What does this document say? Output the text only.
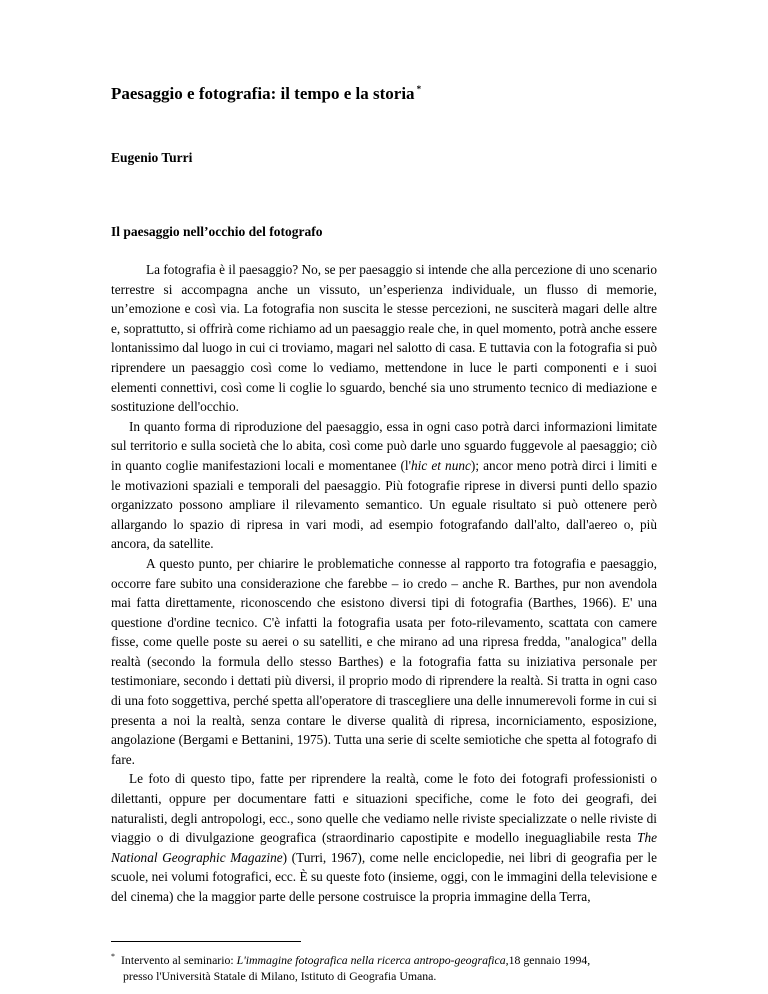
Paesaggio e fotografia: il tempo e la storia *
Eugenio Turri
Il paesaggio nell’occhio del fotografo

La fotografia è il paesaggio? No, se per paesaggio si intende che alla percezione di uno scenario terrestre si accompagna anche un vissuto, un’esperienza individuale, un flusso di memorie, un’emozione e così via. La fotografia non suscita le stesse percezioni, ne susciterà magari delle altre e, soprattutto, si offrirà come richiamo ad un paesaggio reale che, in quel momento, potrà anche essere lontanissimo dal luogo in cui ci troviamo, magari nel salotto di casa. E tuttavia con la fotografia si può riprendere un paesaggio così come lo vediamo, mettendone in luce le parti componenti e i suoi elementi connettivi, così come li coglie lo sguardo, benché sia uno strumento tecnico di mediazione e sostituzione dell'occhio.

In quanto forma di riproduzione del paesaggio, essa in ogni caso potrà darci informazioni limitate sul territorio e sulla società che lo abita, così come può darle uno sguardo fuggevole al paesaggio; ciò in quanto coglie manifestazioni locali e momentanee (l'hic et nunc); ancor meno potrà dirci i limiti e le motivazioni spaziali e temporali del paesaggio. Più fotografie riprese in diversi punti dello spazio organizzato possono ampliare il rilevamento semantico. Un eguale risultato si può ottenere però allargando lo spazio di ripresa in vari modi, ad esempio fotografando dall'alto, dall'aereo o, più ancora, da satellite.

A questo punto, per chiarire le problematiche connesse al rapporto tra fotografia e paesaggio, occorre fare subito una considerazione che farebbe – io credo – anche R. Barthes, pur non avendola mai fatta direttamente, riconoscendo che esistono diversi tipi di fotografia (Barthes, 1966). E' una questione d'ordine tecnico. C'è infatti la fotografia usata per foto-rilevamento, scattata con camere fisse, come quelle poste su aerei o su satelliti, e che mirano ad una ripresa fredda, "analogica" della realtà (secondo la formula dello stesso Barthes) e la fotografia fatta su iniziativa personale per testimoniare, secondo i dettati più diversi, il proprio modo di riprendere la realtà. Si tratta in ogni caso di una foto soggettiva, perché spetta all'operatore di trascegliere una delle innumerevoli forme in cui si presenta a noi la realtà, senza contare le diverse qualità di ripresa, incorniciamento, esposizione, angolazione (Bergami e Bettanini, 1975). Tutta una serie di scelte semiotiche che spetta al fotografo di fare.

Le foto di questo tipo, fatte per riprendere la realtà, come le foto dei fotografi professionisti o dilettanti, oppure per documentare fatti e situazioni specifiche, come le foto dei geografi, dei naturalisti, degli antropologi, ecc., sono quelle che vediamo nelle riviste specializzate o nelle riviste di viaggio o di divulgazione geografica (straordinario capostipite e modello ineguagliabile resta The National Geographic Magazine) (Turri, 1967), come nelle enciclopedie, nei libri di geografia per le scuole, nei volumi fotografici, ecc. È su queste foto (insieme, oggi, con le immagini della televisione e del cinema) che la maggior parte delle persone costruisce la propria immagine della Terra,

* Intervento al seminario: L'immagine fotografica nella ricerca antropo-geografica,18 gennaio 1994,
presso l'Università Statale di Milano, Istituto di Geografia Umana.
